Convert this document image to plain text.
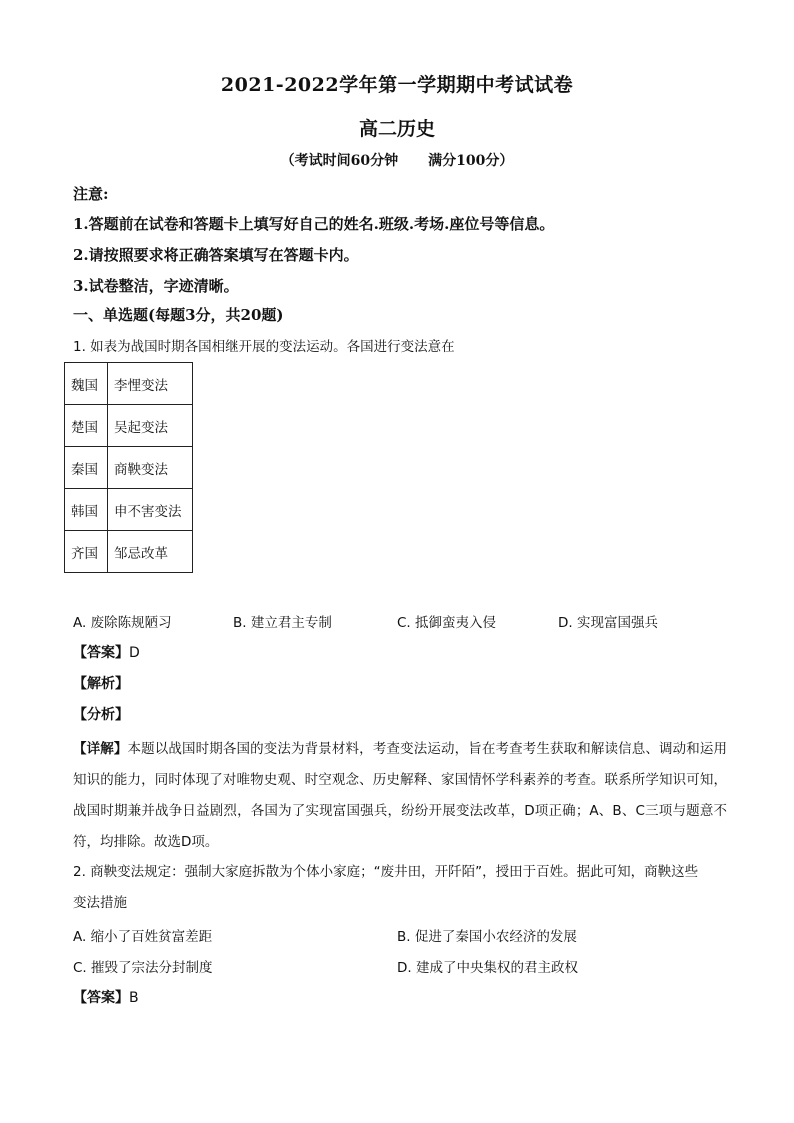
2021-2022学年第一学期期中考试试卷
高二历史
（考试时间60分钟 满分100分）
注意:
1.答题前在试卷和答题卡上填写好自己的姓名.班级.考场.座位号等信息。
2.请按照要求将正确答案填写在答题卡内。
3.试卷整洁，字迹清晰。
一、单选题(每题3分，共20题)
1. 如表为战国时期各国相继开展的变法运动。各国进行变法意在
魏国	李悝变法
楚国	吴起变法
秦国	商鞅变法
韩国	申不害变法
齐国	邹忌改革
A. 废除陈规陋习	B. 建立君主专制	C. 抵御蛮夷入侵	D. 实现富国强兵
【答案】D
【解析】
【分析】
【详解】本题以战国时期各国的变法为背景材料，考查变法运动，旨在考查考生获取和解读信息、调动和运用知识的能力，同时体现了对唯物史观、时空观念、历史解释、家国情怀学科素养的考查。联系所学知识可知，战国时期兼并战争日益剧烈，各国为了实现富国强兵，纷纷开展变法改革，D项正确；A、B、C三项与题意不符，均排除。故选D项。
2. 商鞅变法规定：强制大家庭拆散为个体小家庭；“废井田，开阡陌”，授田于百姓。据此可知，商鞅这些
变法措施
A. 缩小了百姓贫富差距	B. 促进了秦国小农经济的发展
C. 摧毁了宗法分封制度	D. 建成了中央集权的君主政权
【答案】B
